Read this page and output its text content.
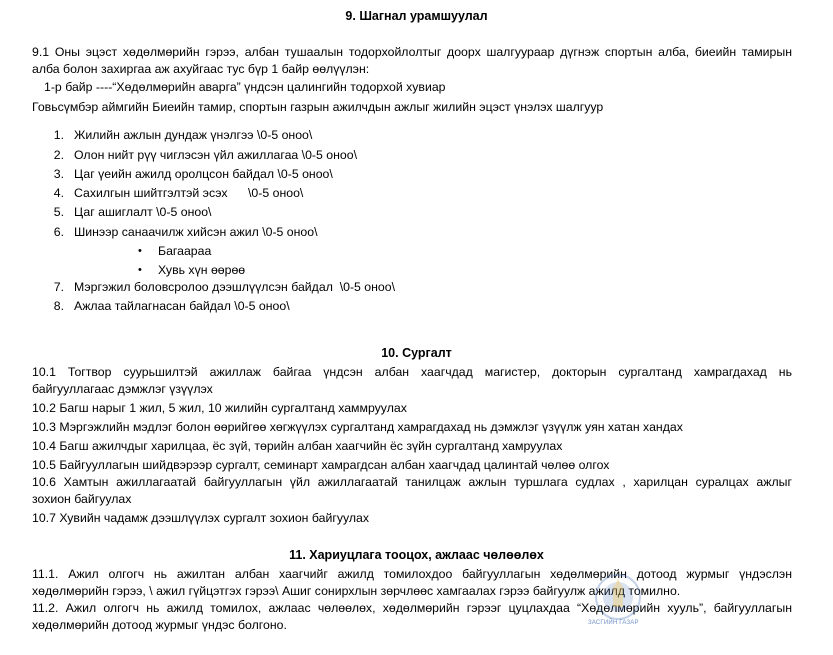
9. Шагнал урамшуулал
9.1 Оны эцэст хөдөлмөрийн гэрээ, албан тушаалын тодорхойлолтыг доорх шалгуураар дүгнэж спортын алба, биеийн тамирын
алба болон захиргаа аж ахуйгаас тус бүр 1 байр өөлүүлэн:
1-р байр ----“Хөдөлмөрийн аварга” үндсэн цалингийн тодорхой хувиар
Говьсүмбэр аймгийн Биеийн тамир, спортын газрын ажилчдын ажлыг жилийн эцэст үнэлэх шалгуур
1. Жилийн ажлын дундаж үнэлгээ \0-5 оноо\
2. Олон нийт рүү чиглэсэн үйл ажиллагаа \0-5 оноо\
3. Цаг үеийн ажилд оролцсон байдал \0-5 оноо\
4. Сахилгын шийтгэлтэй эсэх      \0-5 оноо\
5. Цаг ашиглалт \0-5 оноо\
6. Шинээр санаачилж хийсэн ажил \0-5 оноо\
• Багаараа
• Хувь хүн өөрөө
7. Мэргэжил боловсролоо дээшлүүлсэн байдал  \0-5 оноо\
8. Ажлаа тайлагнасан байдал \0-5 оноо\
10. Сургалт
10.1 Тогтвор суурьшилтэй ажиллаж байгаа үндсэн албан хаагчдад магистер, докторын сургалтанд хамрагдахад нь
байгууллагаас дэмжлэг үзүүлэх
10.2 Багш нарыг 1 жил, 5 жил, 10 жилийн сургалтанд хаммруулах
10.3 Мэргэжлийн мэдлэг болон өөрийгөө хөгжүүлэх сургалтанд хамрагдахад нь дэмжлэг үзүүлж уян хатан хандах
10.4 Багш ажилчдыг харилцаа, ёс зүй, төрийн албан хаагчийн ёс зүйн сургалтанд хамруулах
10.5 Байгууллагын шийдвэрээр сургалт, семинарт хамрагдсан албан хаагчдад цалинтай чөлөө олгох
10.6 Хамтын ажиллагаатай байгууллагын үйл ажиллагаатай танилцаж ажлын туршлага судлах , харилцан суралцах ажлыг
зохион байгуулах
10.7 Хувийн чадамж дээшлүүлэх сургалт зохион байгуулах
11. Хариуцлага тооцох, ажлаас чөлөөлөх
11.1. Ажил олгогч нь ажилтан албан хаагчийг ажилд томилохдоо байгууллагын хөдөлмөрийн дотоод журмыг үндэслэн
хөдөлмөрийн гэрээ, \ ажил гүйцэтгэх гэрээ\ Ашиг сонирхлын зөрчлөөс хамгаалах гэрээ байгуулж ажилд томилно.
11.2. Ажил олгогч нь ажилд томилох, ажлаас чөлөөлөх, хөдөлмөрийн гэрээг цуцлахдаа “Хөдөлмөрийн хууль”, байгууллагын
хөдөлмөрийн дотоод журмыг үндэс болгоно.	ЗАСГИЙН ГАЗАР
